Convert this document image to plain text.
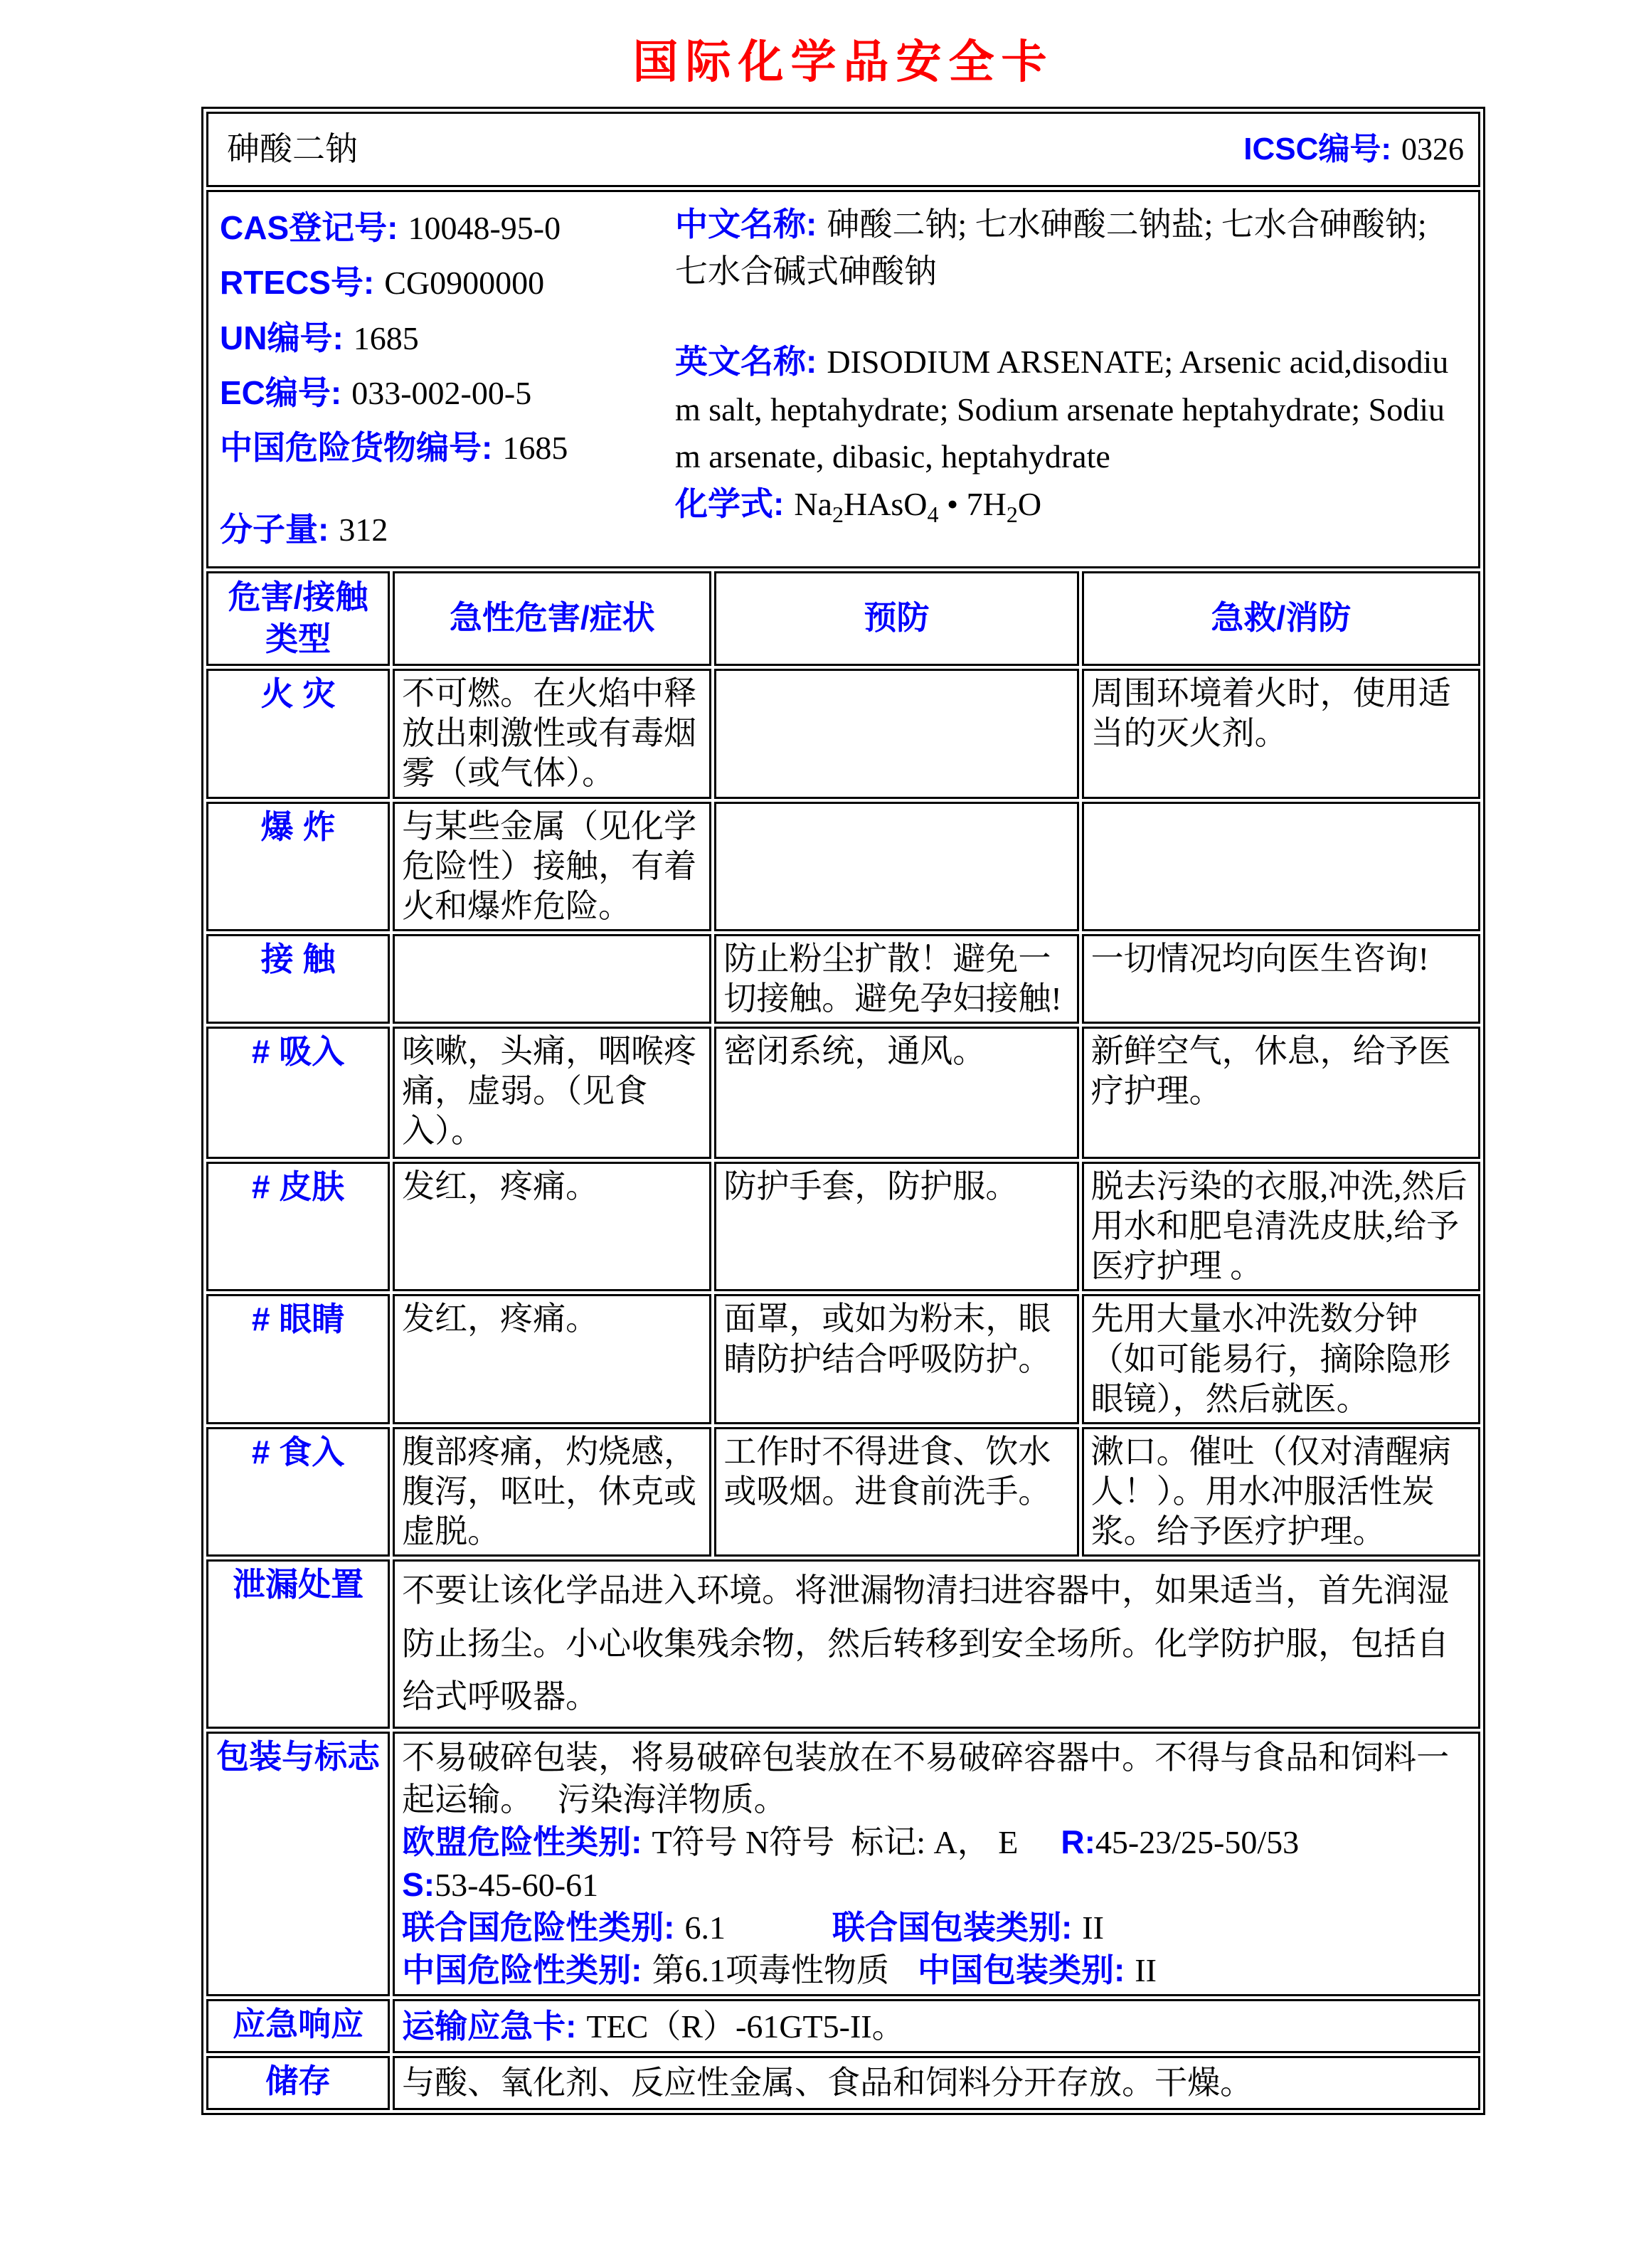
国际化学品安全卡
砷酸二钠 ICSC编号: 0326			

CAS登记号: 10048-95-0
RTECS号: CG0900000
UN编号: 1685
EC编号: 033-002-00-5
中国危险货物编号: 1685
分子量: 312
中文名称: 砷酸二钠; 七水砷酸二钠盐; 七水合砷酸钠; 七水合碱式砷酸钠
英文名称: DISODIUM ARSENATE; Arsenic acid,disodium salt, heptahydrate; Sodium arsenate heptahydrate; Sodium arsenate, dibasic, heptahydrate
化学式: $Na_2HAsO_4$ • $7H_2O$

危害/接触类型	急性危害/症状	预防	急救/消防
火 灾	不可燃。在火焰中释放出刺激性或有毒烟雾（或气体）。		周围环境着火时，使用适当的灭火剂。
爆 炸	与某些金属（见化学危险性）接触，有着火和爆炸危险。		
接 触		防止粉尘扩散！避免一切接触。避免孕妇接触!	一切情况均向医生咨询!
# 吸入	咳嗽，头痛，咽喉疼痛，虚弱。（见食入）。	密闭系统，通风。	新鲜空气，休息，给予医疗护理。
# 皮肤	发红，疼痛。	防护手套，防护服。	脱去污染的衣服,冲洗,然后用水和肥皂清洗皮肤,给予医疗护理 。
# 眼睛	发红，疼痛。	面罩，或如为粉末，眼睛防护结合呼吸防护。	先用大量水冲洗数分钟（如可能易行，摘除隐形眼镜），然后就医。
# 食入	腹部疼痛，灼烧感，腹泻，呕吐，休克或虚脱。	工作时不得进食、饮水或吸烟。进食前洗手。	漱口。催吐（仅对清醒病人！）。用水冲服活性炭浆。给予医疗护理。
泄漏处置	不要让该化学品进入环境。将泄漏物清扫进容器中，如果适当，首先润湿防止扬尘。小心收集残余物，然后转移到安全场所。化学防护服，包括自给式呼吸器。		

包装与标志	不易破碎包装，将易破碎包装放在不易破碎容器中。不得与食品和饲料一起运输。　 污染海洋物质。
欧盟危险性类别: T符号 N符号  标记: A， E R:45-23/25-50/53
S:53-45-60-61
联合国危险性类别: 6.1 联合国包装类别: II
中国危险性类别: 第6.1项毒性物质 中国包装类别: II		

应急响应	运输应急卡: TEC（R）-61GT5-II。		
储存	与酸、氧化剂、反应性金属、食品和饲料分开存放。干燥。		
